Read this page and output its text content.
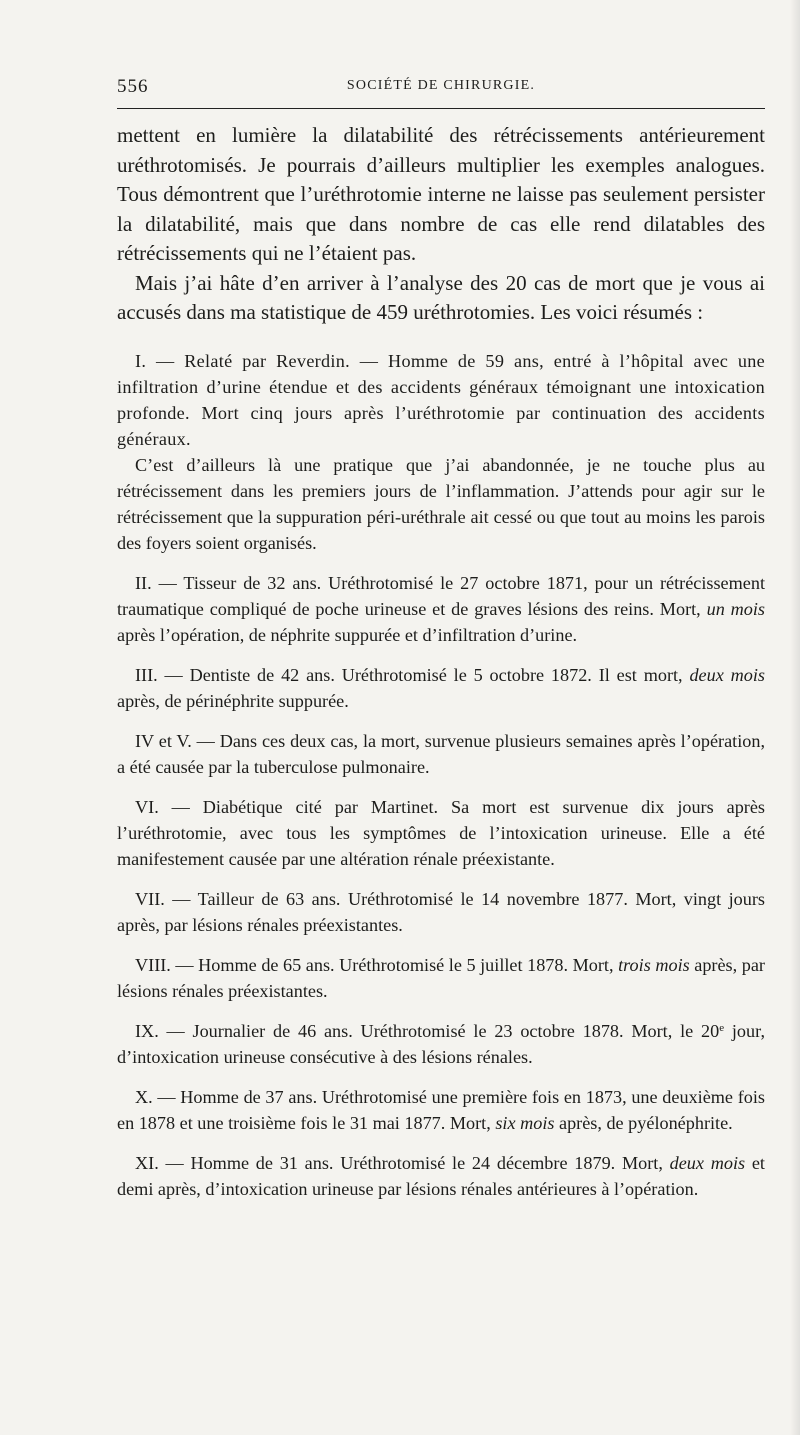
556	SOCIÉTÉ DE CHIRURGIE.

mettent en lumière la dilatabilité des rétrécissements antérieurement uréthrotomisés. Je pourrais d’ailleurs multiplier les exemples analogues. Tous démontrent que l’uréthrotomie interne ne laisse pas seulement persister la dilatabilité, mais que dans nombre de cas elle rend dilatables des rétrécissements qui ne l’étaient pas.

Mais j’ai hâte d’en arriver à l’analyse des 20 cas de mort que je vous ai accusés dans ma statistique de 459 uréthrotomies. Les voici résumés :

I. — Relaté par Reverdin. — Homme de 59 ans, entré à l’hôpital avec une infiltration d’urine étendue et des accidents généraux témoignant une intoxication profonde. Mort cinq jours après l’uréthrotomie par continuation des accidents généraux.

C’est d’ailleurs là une pratique que j’ai abandonnée, je ne touche plus au rétrécissement dans les premiers jours de l’inflammation. J’attends pour agir sur le rétrécissement que la suppuration péri-uréthrale ait cessé ou que tout au moins les parois des foyers soient organisés.

II. — Tisseur de 32 ans. Uréthrotomisé le 27 octobre 1871, pour un rétrécissement traumatique compliqué de poche urineuse et de graves lésions des reins. Mort, un mois après l’opération, de néphrite suppurée et d’infiltration d’urine.

III. — Dentiste de 42 ans. Uréthrotomisé le 5 octobre 1872. Il est mort, deux mois après, de périnéphrite suppurée.

IV et V. — Dans ces deux cas, la mort, survenue plusieurs semaines après l’opération, a été causée par la tuberculose pulmonaire.

VI. — Diabétique cité par Martinet. Sa mort est survenue dix jours après l’uréthrotomie, avec tous les symptômes de l’intoxication urineuse. Elle a été manifestement causée par une altération rénale préexistante.

VII. — Tailleur de 63 ans. Uréthrotomisé le 14 novembre 1877. Mort, vingt jours après, par lésions rénales préexistantes.

VIII. — Homme de 65 ans. Uréthrotomisé le 5 juillet 1878. Mort, trois mois après, par lésions rénales préexistantes.

IX. — Journalier de 46 ans. Uréthrotomisé le 23 octobre 1878. Mort, le 20e jour, d’intoxication urineuse consécutive à des lésions rénales.

X. — Homme de 37 ans. Uréthrotomisé une première fois en 1873, une deuxième fois en 1878 et une troisième fois le 31 mai 1877. Mort, six mois après, de pyélonéphrite.

XI. — Homme de 31 ans. Uréthrotomisé le 24 décembre 1879. Mort, deux mois et demi après, d’intoxication urineuse par lésions rénales antérieures à l’opération.
